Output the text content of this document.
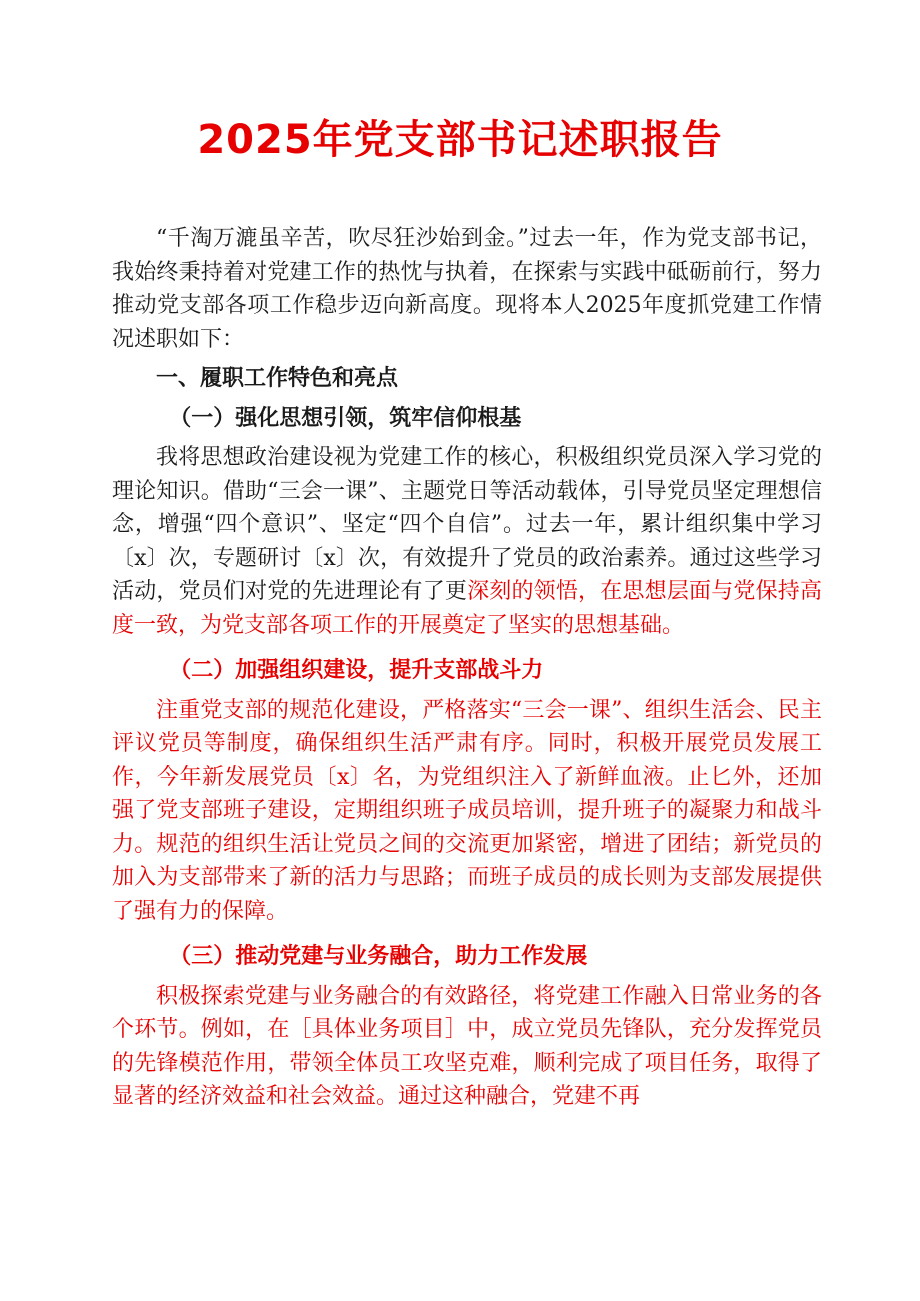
2025年党支部书记述职报告

“千淘万漉虽辛苦，吹尽狂沙始到金。”过去一年，作为党支部书记，我始终秉持着对党建工作的热忱与执着，在探索与实践中砥砺前行，努力推动党支部各项工作稳步迈向新高度。现将本人2025年度抓党建工作情况述职如下：

一、履职工作特色和亮点

（一）强化思想引领，筑牢信仰根基

我将思想政治建设视为党建工作的核心，积极组织党员深入学习党的理论知识。借助“三会一课”、主题党日等活动载体，引导党员坚定理想信念，增强“四个意识”、坚定“四个自信”。过去一年，累计组织集中学习〔x〕次，专题研讨〔x〕次，有效提升了党员的政治素养。通过这些学习活动，党员们对党的先进理论有了更深刻的领悟，在思想层面与党保持高度一致，为党支部各项工作的开展奠定了坚实的思想基础。

（二）加强组织建设，提升支部战斗力

注重党支部的规范化建设，严格落实“三会一课”、组织生活会、民主评议党员等制度，确保组织生活严肃有序。同时，积极开展党员发展工作，今年新发展党员〔x〕名，为党组织注入了新鲜血液。止匕外，还加强了党支部班子建设，定期组织班子成员培训，提升班子的凝聚力和战斗力。规范的组织生活让党员之间的交流更加紧密，增进了团结；新党员的加入为支部带来了新的活力与思路；而班子成员的成长则为支部发展提供了强有力的保障。

（三）推动党建与业务融合，助力工作发展

积极探索党建与业务融合的有效路径，将党建工作融入日常业务的各个环节。例如，在［具体业务项目］中，成立党员先锋队，充分发挥党员的先锋模范作用，带领全体员工攻坚克难，顺利完成了项目任务，取得了显著的经济效益和社会效益。通过这种融合，党建不再
